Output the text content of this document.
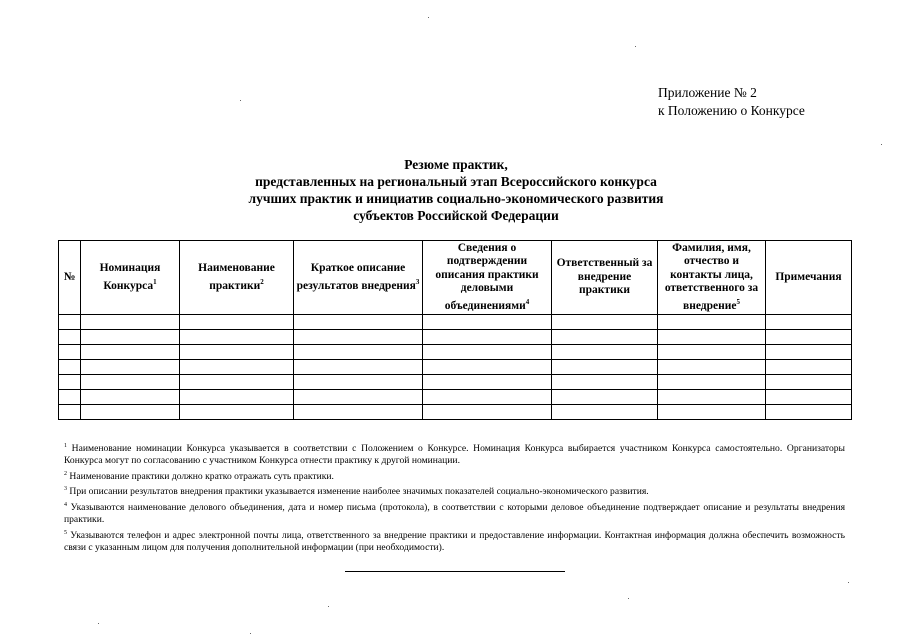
Приложение № 2
к Положению о Конкурсе
Резюме практик,
представленных на региональный этап Всероссийского конкурса
лучших практик и инициатив социально-экономического развития
субъектов Российской Федерации
№	Номинация Конкурса$^1$	Наименование практики$^2$	Краткое описание результатов внедрения$^3$	Сведения о подтверждении описания практики деловыми объединениями$^4$	Ответственный за внедрение практики	Фамилия, имя, отчество и контакты лица, ответственного за внедрение$^5$	Примечания

$^1$ Наименование номинации Конкурса указывается в соответствии с Положением о Конкурсе. Номинация Конкурса выбирается участником Конкурса самостоятельно. Организаторы Конкурса могут по согласованию с участником Конкурса отнести практику к другой номинации.
$^2$ Наименование практики должно кратко отражать суть практики.
$^3$ При описании результатов внедрения практики указывается изменение наиболее значимых показателей социально-экономического развития.
$^4$ Указываются наименование делового объединения, дата и номер письма (протокола), в соответствии с которыми деловое объединение подтверждает описание и результаты внедрения практики.
$^5$ Указываются телефон и адрес электронной почты лица, ответственного за внедрение практики и предоставление информации. Контактная информация должна обеспечить возможность связи с указанным лицом для получения дополнительной информации (при необходимости).
